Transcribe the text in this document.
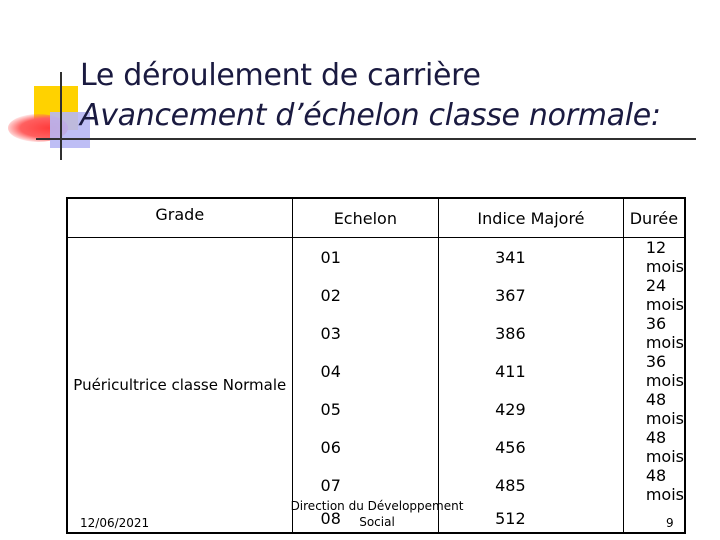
Le déroulement de carrière
Avancement d’échelon classe normale:
Grade	Echelon	Indice Majoré	Durée
Puéricultrice classe Normale	01	341	12 mois
	02	367	24 mois
	03	386	36 mois
	04	411	36 mois
	05	429	48 mois
	06	456	48 mois
	07	485	48 mois
	08	512	
12/06/2021
Direction du Développement
Social	9
